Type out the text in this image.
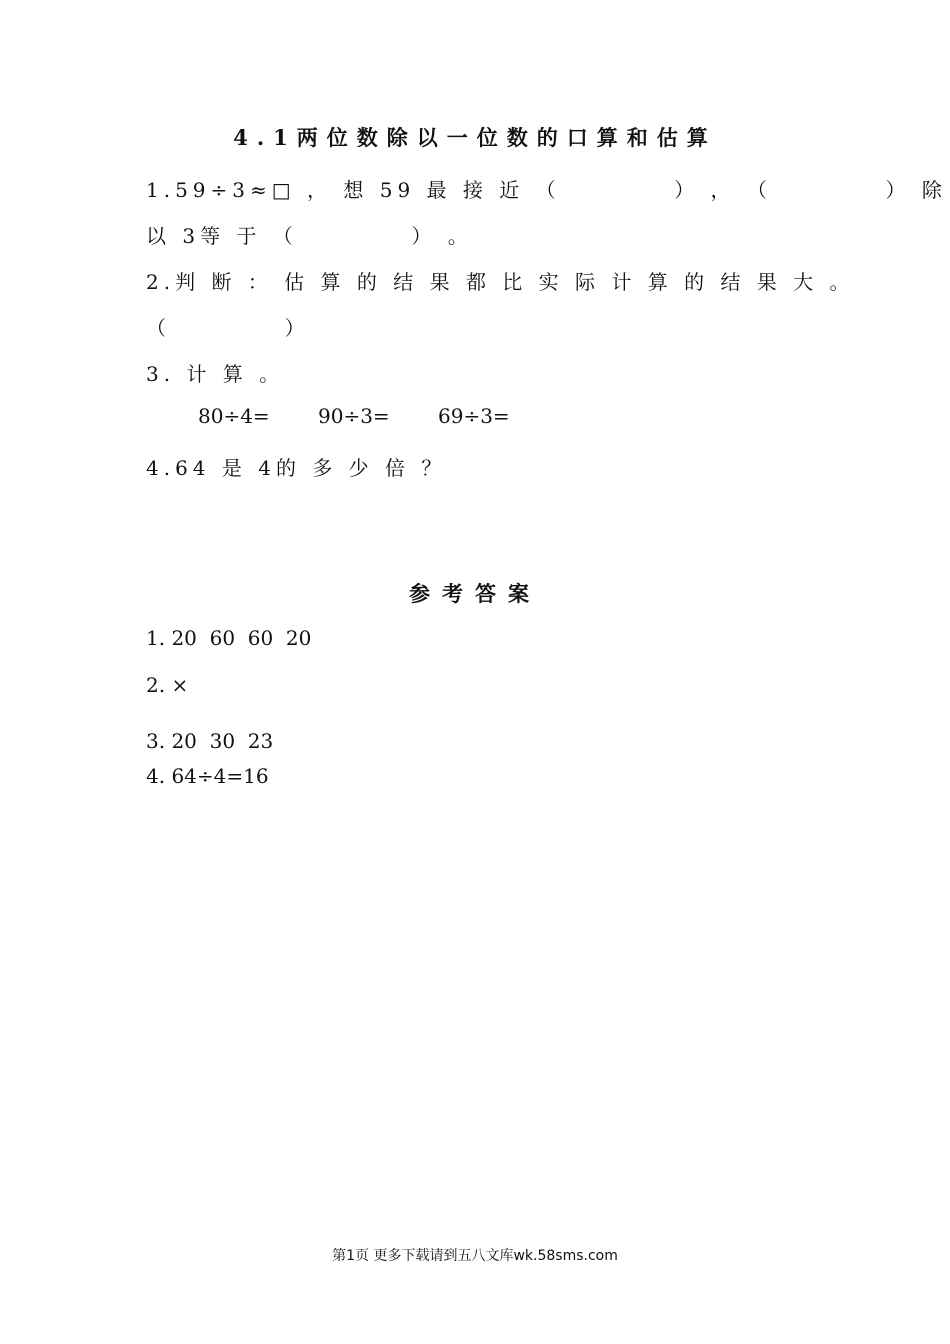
4.1两位数除以一位数的口算和估算
1.59÷3≈□ ， 想 59 最 接 近 （          ） ， （          ） 除
以 3等 于 （          ） 。
2.判 断 ： 估 算 的 结 果 都 比 实 际 计 算 的 结 果 大 。
（          ）
3. 计 算 。
80÷4= 90÷3= 69÷3=
4.64 是 4的 多 少 倍 ？
参考答案
1. 20  60  60  20
2. ×
3. 20  30  23
4. 64÷4=16
第1页 更多下载请到五八文库wk.58sms.com
